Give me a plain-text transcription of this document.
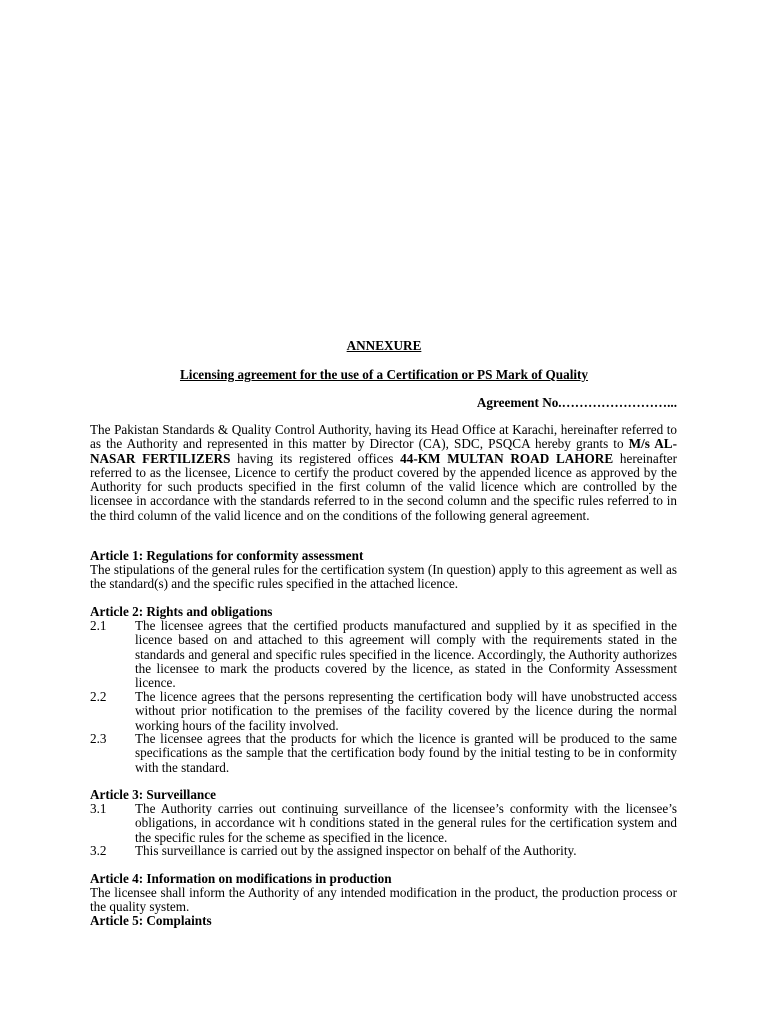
ANNEXURE
Licensing agreement for the use of a Certification or PS Mark of Quality
Agreement No.……………………...

The Pakistan Standards & Quality Control Authority, having its Head Office at Karachi, hereinafter referred to as the Authority and represented in this matter by Director (CA), SDC, PSQCA hereby grants to M/s AL-NASAR FERTILIZERS having its registered offices 44-KM MULTAN ROAD LAHORE hereinafter referred to as the licensee, Licence to certify the product covered by the appended licence as approved by the Authority for such products specified in the first column of the valid licence which are controlled by the licensee in accordance with the standards referred to in the second column and the specific rules referred to in the third column of the valid licence and on the conditions of the following general agreement.

Article 1: Regulations for conformity assessment

The stipulations of the general rules for the certification system (In question) apply to this agreement as well as the standard(s) and the specific rules specified in the attached licence.

Article 2: Rights and obligations
2.1	The licensee agrees that the certified products manufactured and supplied by it as specified in the licence based on and attached to this agreement will comply with the requirements stated in the standards and general and specific rules specified in the licence. Accordingly, the Authority authorizes the licensee to mark the products covered by the licence, as stated in the Conformity Assessment licence.
2.2	The licence agrees that the persons representing the certification body will have unobstructed access without prior notification to the premises of the facility covered by the licence during the normal working hours of the facility involved.
2.3	The licensee agrees that the products for which the licence is granted will be produced to the same specifications as the sample that the certification body found by the initial testing to be in conformity with the standard.
Article 3: Surveillance
3.1	The Authority carries out continuing surveillance of the licensee’s conformity with the licensee’s obligations, in accordance wit h conditions stated in the general rules for the certification system and the specific rules for the scheme as specified in the licence.
3.2	This surveillance is carried out by the assigned inspector on behalf of the Authority.
Article 4: Information on modifications in production

The licensee shall inform the Authority of any intended modification in the product, the production process or the quality system.

Article 5: Complaints
